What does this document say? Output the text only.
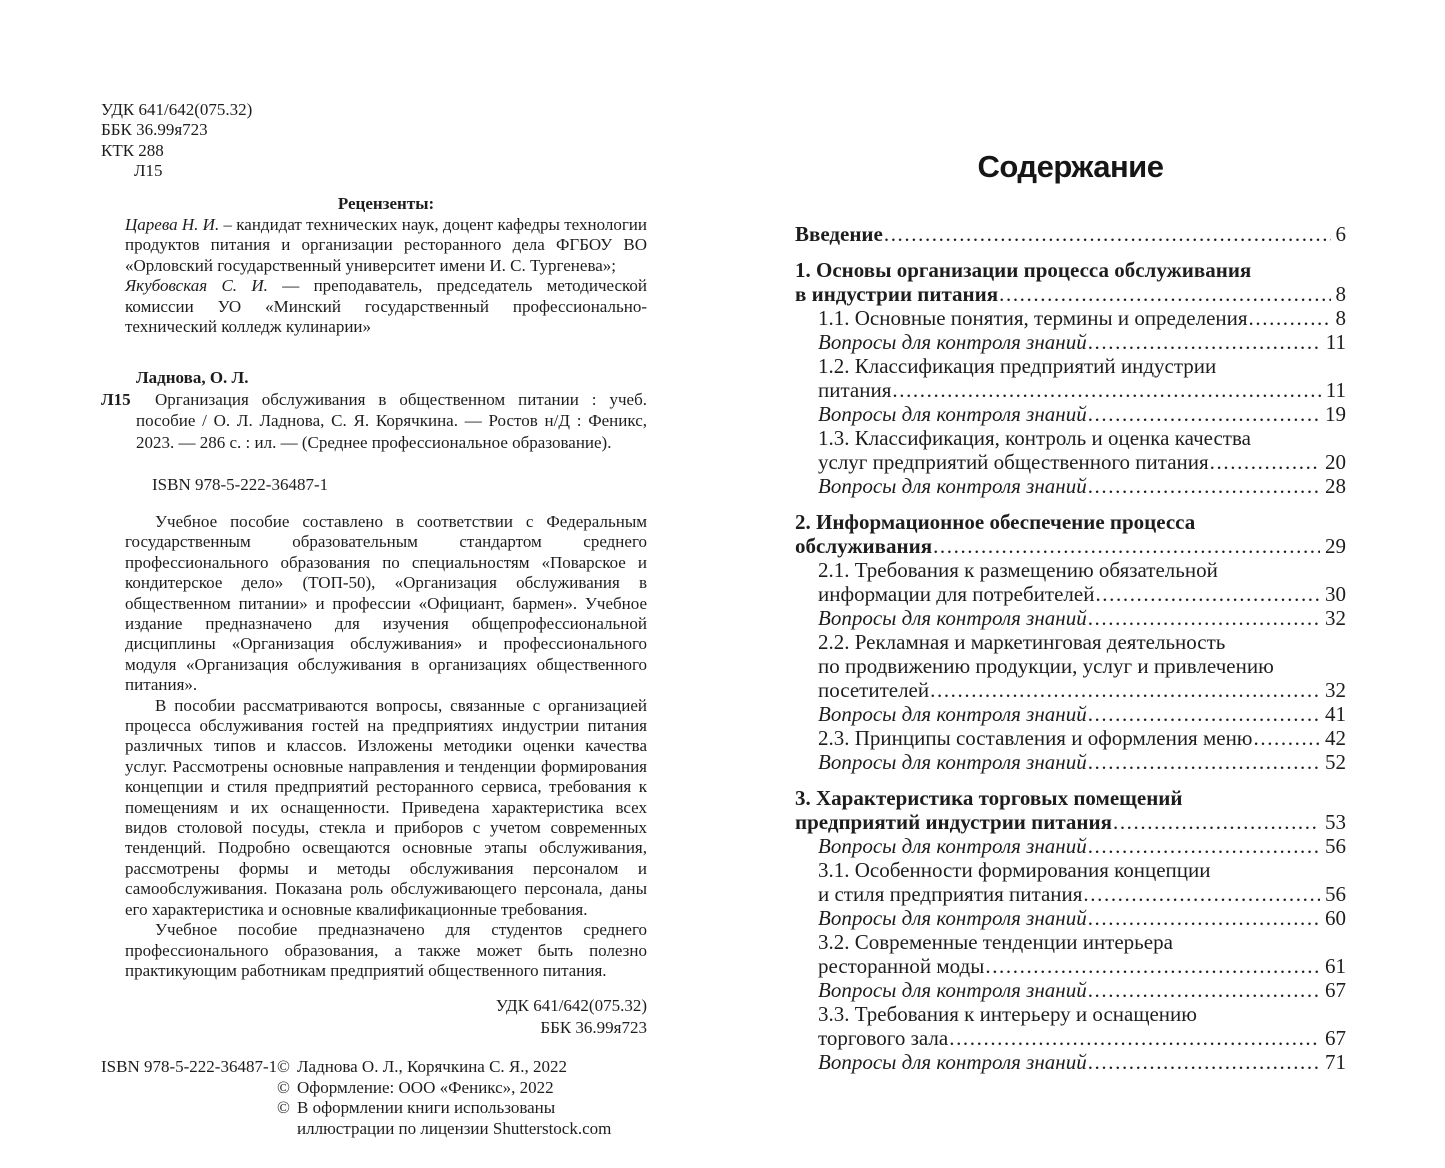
УДК 641/642(075.32)
ББК 36.99я723
КТК 288
Л15
Рецензенты:

Царева Н. И. – кандидат технических наук, доцент кафедры технологии продуктов питания и организации ресторанного дела ФГБОУ ВО «Орловский государственный университет имени И. С. Тургенева»;

Якубовская С. И. — преподаватель, председатель методической комиссии УО «Минский государственный профессионально-технический колледж кулинарии»

Л15
Ладнова, О. Л.

Организация обслуживания в общественном питании : учеб. пособие / О. Л. Ладнова, С. Я. Корячкина. — Ростов н/Д : Феникс, 2023. — 286 с. : ил. — (Среднее профессиональное образование).

ISBN 978-5-222-36487-1

Учебное пособие составлено в соответствии с Федеральным государственным образовательным стандартом среднего профессионального образования по специальностям «Поварское и кондитерское дело» (ТОП-50), «Организация обслуживания в общественном питании» и профессии «Официант, бармен». Учебное издание предназначено для изучения общепрофессиональной дисциплины «Организация обслуживания» и профессионального модуля «Организация обслуживания в организациях общественного питания».

В пособии рассматриваются вопросы, связанные с организацией процесса обслуживания гостей на предприятиях индустрии питания различных типов и классов. Изложены методики оценки качества услуг. Рассмотрены основные направления и тенденции формирования концепции и стиля предприятий ресторанного сервиса, требования к помещениям и их оснащенности. Приведена характеристика всех видов столовой посуды, стекла и приборов с учетом современных тенденций. Подробно освещаются основные этапы обслуживания, рассмотрены формы и методы обслуживания персоналом и самообслуживания. Показана роль обслуживающего персонала, даны его характеристика и основные квалификационные требования.

Учебное пособие предназначено для студентов среднего профессионального образования, а также может быть полезно практикующим работникам предприятий общественного питания.

УДК 641/642(075.32)
ББК 36.99я723
ISBN 978-5-222-36487-1 © Ладнова О. Л., Корячкина С. Я., 2022
© Оформление: ООО «Феникс», 2022
© В оформлении книги использованы иллюстрации по лицензии Shutterstock.com
Содержание
Введение .....	6
1. Основы организации процесса обслуживания
в индустрии питания .....	8
1.1. Основные понятия, термины и определения .....	8
Вопросы для контроля знаний .....	11
1.2. Классификация предприятий индустрии
питания .....	11
Вопросы для контроля знаний .....	19
1.3. Классификация, контроль и оценка качества
услуг предприятий общественного питания .....	20
Вопросы для контроля знаний .....	28
2. Информационное обеспечение процесса
обслуживания .....	29
2.1. Требования к размещению обязательной
информации для потребителей .....	30
Вопросы для контроля знаний .....	32
2.2. Рекламная и маркетинговая деятельность
по продвижению продукции, услуг и привлечению
посетителей .....	32
Вопросы для контроля знаний .....	41
2.3. Принципы составления и оформления меню .....	42
Вопросы для контроля знаний .....	52
3. Характеристика торговых помещений
предприятий индустрии питания .....	53
Вопросы для контроля знаний .....	56
3.1. Особенности формирования концепции
и стиля предприятия питания .....	56
Вопросы для контроля знаний .....	60
3.2. Современные тенденции интерьера
ресторанной моды .....	61
Вопросы для контроля знаний .....	67
3.3. Требования к интерьеру и оснащению
торгового зала .....	67
Вопросы для контроля знаний .....	71
